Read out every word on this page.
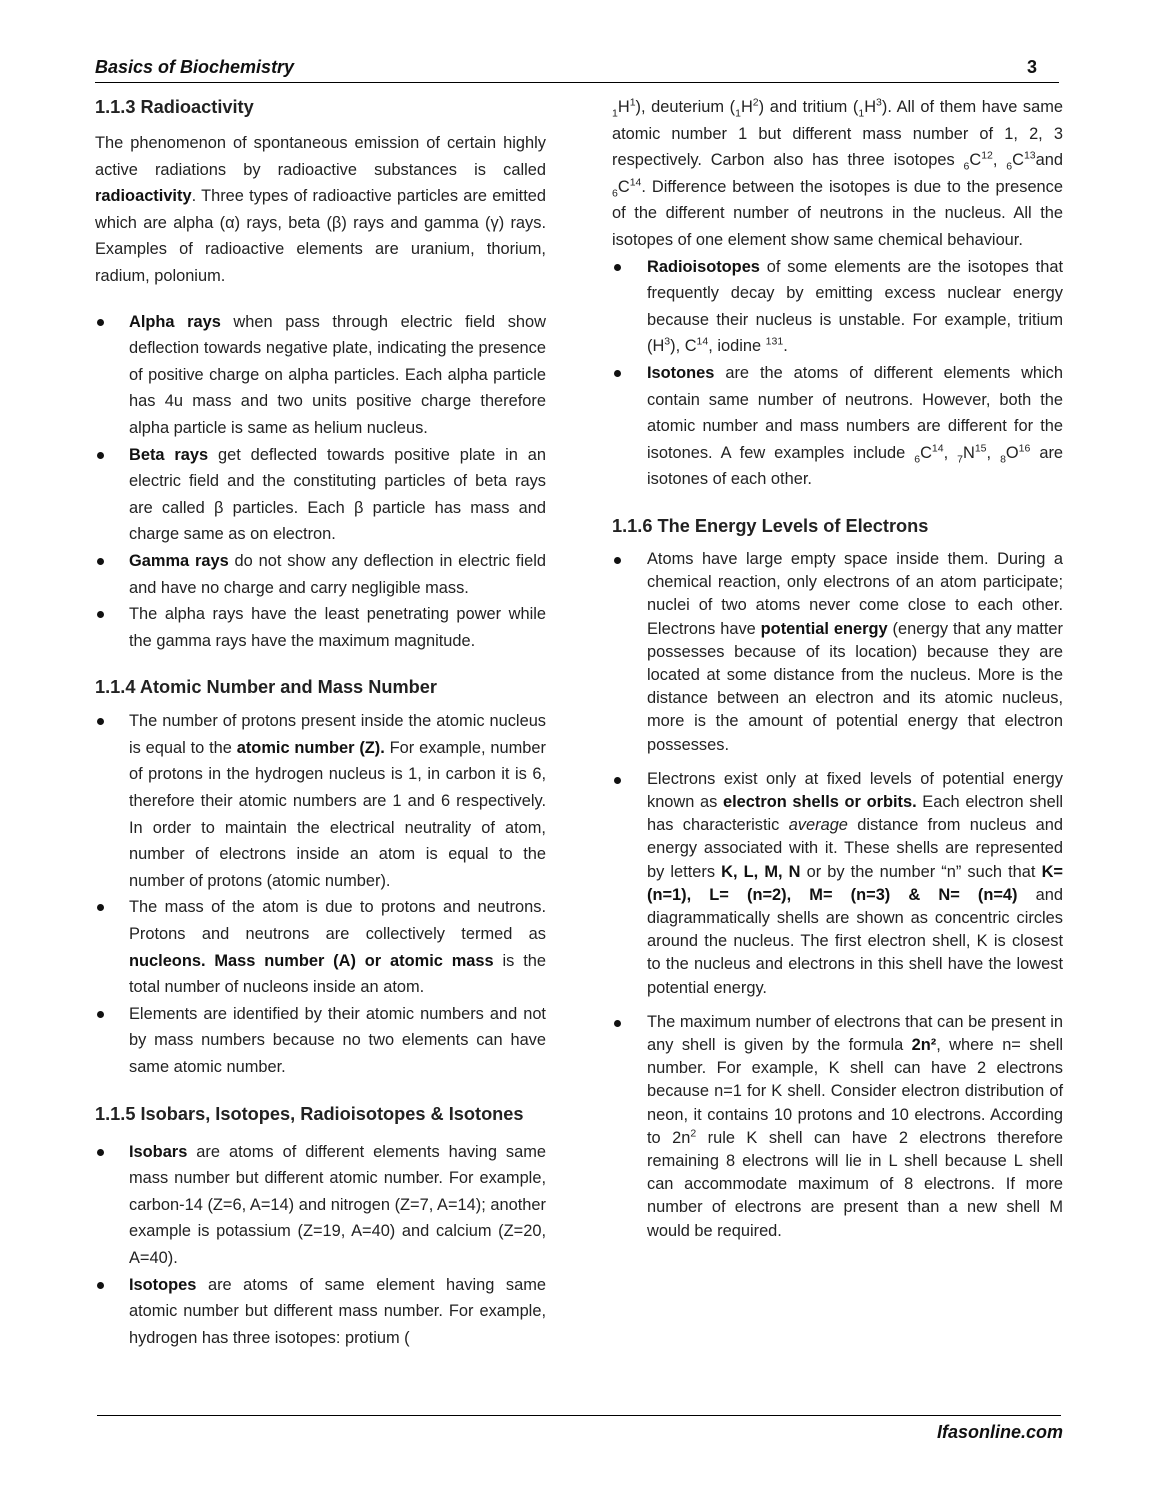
Basics of Biochemistry	3
1.1.3 Radioactivity

The phenomenon of spontaneous emission of certain highly active radiations by radioactive substances is called radioactivity. Three types of radioactive particles are emitted which are alpha (α) rays, beta (β) rays and gamma (γ) rays. Examples of radioactive elements are uranium, thorium, radium, polonium.

Alpha rays when pass through electric field show deflection towards negative plate, indicating the presence of positive charge on alpha particles. Each alpha particle has 4u mass and two units positive charge therefore alpha particle is same as helium nucleus.
Beta rays get deflected towards positive plate in an electric field and the constituting particles of beta rays are called β particles. Each β particle has mass and charge same as on electron.
Gamma rays do not show any deflection in electric field and have no charge and carry negligible mass.
The alpha rays have the least penetrating power while the gamma rays have the maximum magnitude.
1.1.4 Atomic Number and Mass Number
The number of protons present inside the atomic nucleus is equal to the atomic number (Z). For example, number of protons in the hydrogen nucleus is 1, in carbon it is 6, therefore their atomic numbers are 1 and 6 respectively. In order to maintain the electrical neutrality of atom, number of electrons inside an atom is equal to the number of protons (atomic number).
The mass of the atom is due to protons and neutrons. Protons and neutrons are collectively termed as nucleons. Mass number (A) or atomic mass is the total number of nucleons inside an atom.
Elements are identified by their atomic numbers and not by mass numbers because no two elements can have same atomic number.
1.1.5 Isobars, Isotopes, Radioisotopes & Isotones
Isobars are atoms of different elements having same mass number but different atomic number. For example, carbon-14 (Z=6, A=14) and nitrogen (Z=7, A=14); another example is potassium (Z=19, A=40) and calcium (Z=20, A=40).
Isotopes are atoms of same element having same atomic number but different mass number. For example, hydrogen has three isotopes: protium (

$_1H^1$), deuterium $(_1H^2)$ and tritium $(_1H^3)$. All of them have same atomic number 1 but different mass number of 1, 2, 3 respectively. Carbon also has three isotopes $_6C^{12}$, $_6C^{13}and$ $_6C^{14}$. Difference between the isotopes is due to the presence of the different number of neutrons in the nucleus. All the isotopes of one element show same chemical behaviour.

Radioisotopes of some elements are the isotopes that frequently decay by emitting excess nuclear energy because their nucleus is unstable. For example, tritium $(H^3)$, $C^{14}$, iodine $^{131}$.
Isotones are the atoms of different elements which contain same number of neutrons. However, both the atomic number and mass numbers are different for the isotones. A few examples include $_6C^{14}$, $_7N^{15}$, $_8O^{16}$ are isotones of each other.
1.1.6 The Energy Levels of Electrons
Atoms have large empty space inside them. During a chemical reaction, only electrons of an atom participate; nuclei of two atoms never come close to each other. Electrons have potential energy (energy that any matter possesses because of its location) because they are located at some distance from the nucleus. More is the distance between an electron and its atomic nucleus, more is the amount of potential energy that electron possesses.
Electrons exist only at fixed levels of potential energy known as electron shells or orbits. Each electron shell has characteristic average distance from nucleus and energy associated with it. These shells are represented by letters K, L, M, N or by the number “n” such that K= (n=1), L= (n=2), M= (n=3) & N= (n=4) and diagrammatically shells are shown as concentric circles around the nucleus. The first electron shell, K is closest to the nucleus and electrons in this shell have the lowest potential energy.
The maximum number of electrons that can be present in any shell is given by the formula 2n², where n= shell number. For example, K shell can have 2 electrons because n=1 for K shell. Consider electron distribution of neon, it contains 10 protons and 10 electrons. According to $2n^2$ rule K shell can have 2 electrons therefore remaining 8 electrons will lie in L shell because L shell can accommodate maximum of 8 electrons. If more number of electrons are present than a new shell M would be required.
Ifasonline.com
